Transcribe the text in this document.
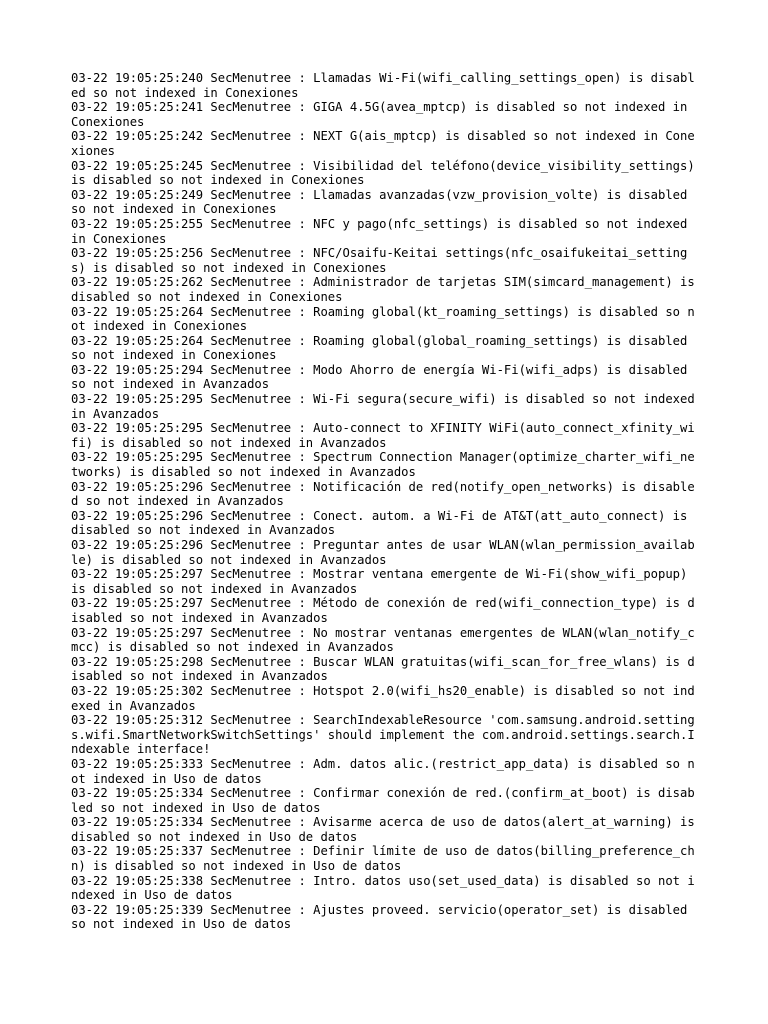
03-22 19:05:25:240 SecMenutree : Llamadas Wi-Fi(wifi_calling_settings_open) is disabled so not indexed in Conexiones
03-22 19:05:25:241 SecMenutree : GIGA 4.5G(avea_mptcp) is disabled so not indexed in Conexiones
03-22 19:05:25:242 SecMenutree : NEXT G(ais_mptcp) is disabled so not indexed in Conexiones
03-22 19:05:25:245 SecMenutree : Visibilidad del teléfono(device_visibility_settings) is disabled so not indexed in Conexiones
03-22 19:05:25:249 SecMenutree : Llamadas avanzadas(vzw_provision_volte) is disabled so not indexed in Conexiones
03-22 19:05:25:255 SecMenutree : NFC y pago(nfc_settings) is disabled so not indexed in Conexiones
03-22 19:05:25:256 SecMenutree : NFC/Osaifu-Keitai settings(nfc_osaifukeitai_settings) is disabled so not indexed in Conexiones
03-22 19:05:25:262 SecMenutree : Administrador de tarjetas SIM(simcard_management) is disabled so not indexed in Conexiones
03-22 19:05:25:264 SecMenutree : Roaming global(kt_roaming_settings) is disabled so not indexed in Conexiones
03-22 19:05:25:264 SecMenutree : Roaming global(global_roaming_settings) is disabled so not indexed in Conexiones
03-22 19:05:25:294 SecMenutree : Modo Ahorro de energía Wi-Fi(wifi_adps) is disabled so not indexed in Avanzados
03-22 19:05:25:295 SecMenutree : Wi-Fi segura(secure_wifi) is disabled so not indexed in Avanzados
03-22 19:05:25:295 SecMenutree : Auto-connect to XFINITY WiFi(auto_connect_xfinity_wifi) is disabled so not indexed in Avanzados
03-22 19:05:25:295 SecMenutree : Spectrum Connection Manager(optimize_charter_wifi_networks) is disabled so not indexed in Avanzados
03-22 19:05:25:296 SecMenutree : Notificación de red(notify_open_networks) is disabled so not indexed in Avanzados
03-22 19:05:25:296 SecMenutree : Conect. autom. a Wi-Fi de AT&T(att_auto_connect) is disabled so not indexed in Avanzados
03-22 19:05:25:296 SecMenutree : Preguntar antes de usar WLAN(wlan_permission_available) is disabled so not indexed in Avanzados
03-22 19:05:25:297 SecMenutree : Mostrar ventana emergente de Wi-Fi(show_wifi_popup) is disabled so not indexed in Avanzados
03-22 19:05:25:297 SecMenutree : Método de conexión de red(wifi_connection_type) is disabled so not indexed in Avanzados
03-22 19:05:25:297 SecMenutree : No mostrar ventanas emergentes de WLAN(wlan_notify_cmcc) is disabled so not indexed in Avanzados
03-22 19:05:25:298 SecMenutree : Buscar WLAN gratuitas(wifi_scan_for_free_wlans) is disabled so not indexed in Avanzados
03-22 19:05:25:302 SecMenutree : Hotspot 2.0(wifi_hs20_enable) is disabled so not indexed in Avanzados
03-22 19:05:25:312 SecMenutree : SearchIndexableResource 'com.samsung.android.settings.wifi.SmartNetworkSwitchSettings' should implement the com.android.settings.search.Indexable interface!
03-22 19:05:25:333 SecMenutree : Adm. datos alic.(restrict_app_data) is disabled so not indexed in Uso de datos
03-22 19:05:25:334 SecMenutree : Confirmar conexión de red.(confirm_at_boot) is disabled so not indexed in Uso de datos
03-22 19:05:25:334 SecMenutree : Avisarme acerca de uso de datos(alert_at_warning) is disabled so not indexed in Uso de datos
03-22 19:05:25:337 SecMenutree : Definir límite de uso de datos(billing_preference_chn) is disabled so not indexed in Uso de datos
03-22 19:05:25:338 SecMenutree : Intro. datos uso(set_used_data) is disabled so not indexed in Uso de datos
03-22 19:05:25:339 SecMenutree : Ajustes proveed. servicio(operator_set) is disabled so not indexed in Uso de datos
